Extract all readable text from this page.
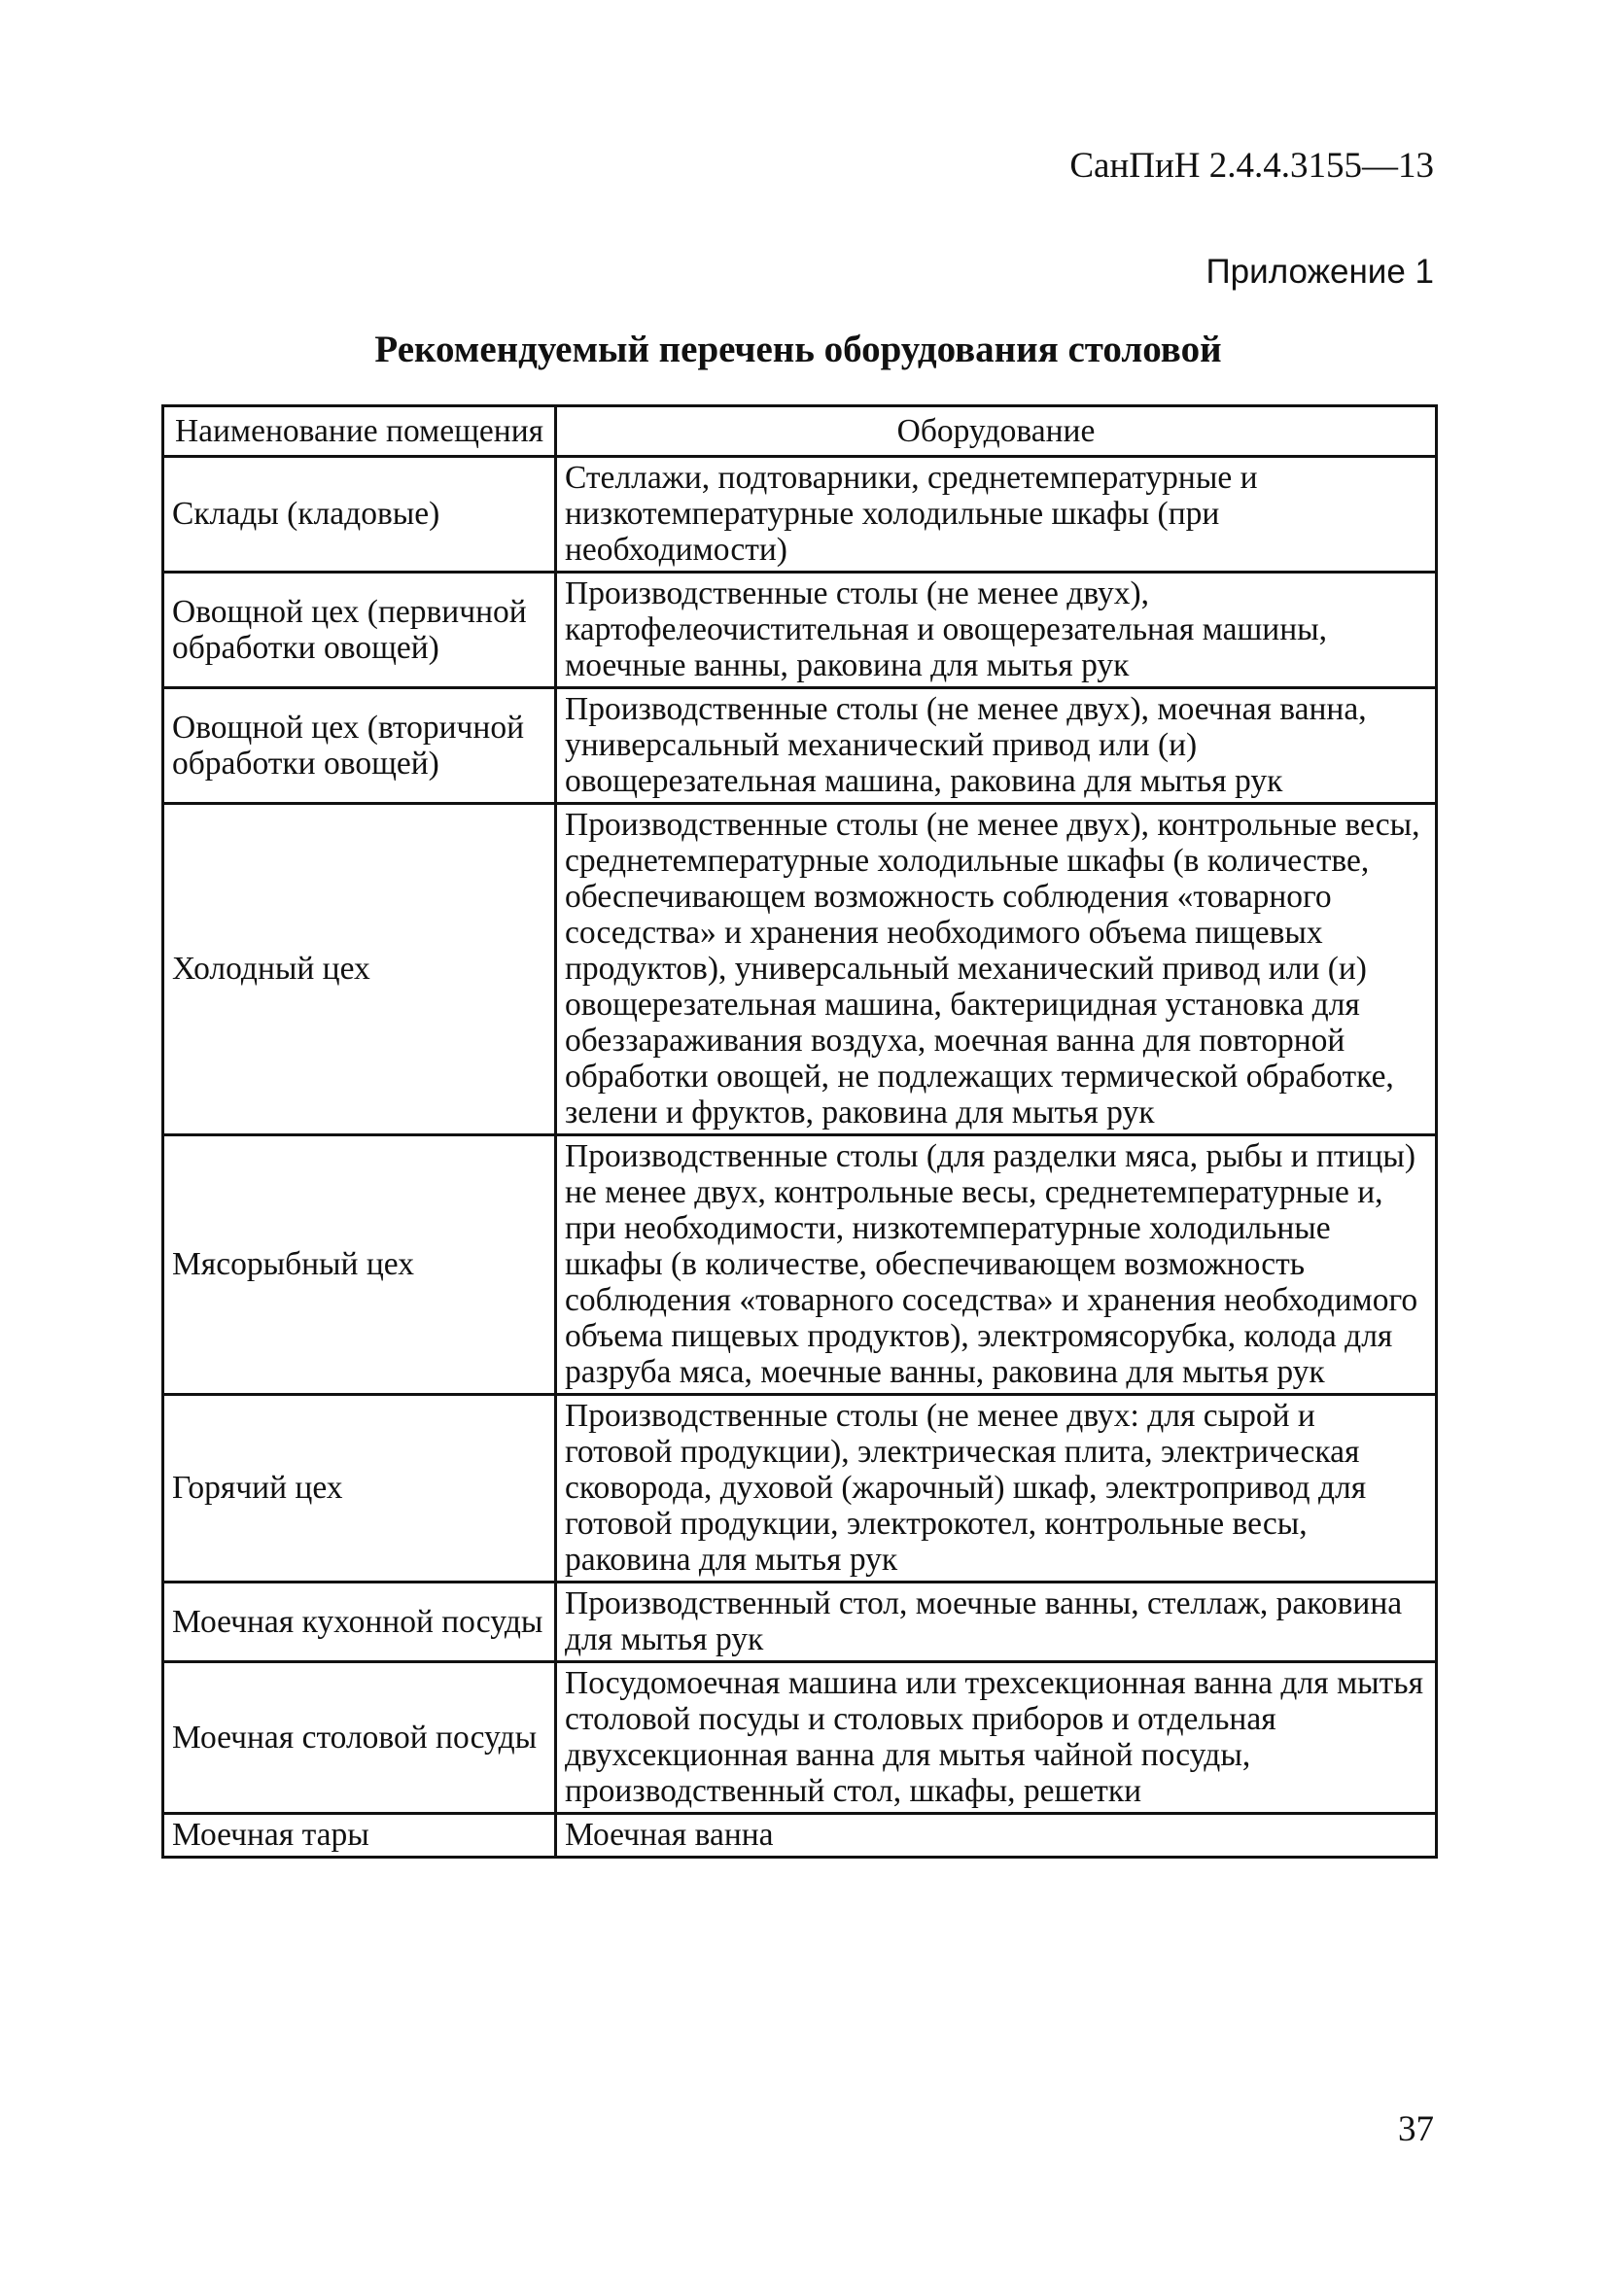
СанПиН 2.4.4.3155—13
Приложение 1
Рекомендуемый перечень оборудования столовой
Наименование помещения	Оборудование
Склады (кладовые)	Стеллажи, подтоварники, среднетемпературные и низкотемпературные холодильные шкафы (при необходимости)
Овощной цех (первичной обработки овощей)	Производственные столы (не менее двух), картофелеочистительная и овощерезательная машины, моечные ванны, раковина для мытья рук
Овощной цех (вторичной обработки овощей)	Производственные столы (не менее двух), моечная ванна, универсальный механический привод или (и) овощерезательная машина, раковина для мытья рук
Холодный цех	Производственные столы (не менее двух), контрольные весы, среднетемпературные холодильные шкафы (в количестве, обеспечивающем возможность соблюдения «товарного соседства» и хранения необходимого объема пищевых продуктов), универсальный механический привод или (и) овощерезательная машина, бактерицидная установка для обеззараживания воздуха, моечная ванна для повторной обработки овощей, не подлежащих термической обработке, зелени и фруктов, раковина для мытья рук
Мясорыбный цех	Производственные столы (для разделки мяса, рыбы и птицы) не менее двух, контрольные весы, среднетемпературные и, при необходимости, низкотемпературные холодильные шкафы (в количестве, обеспечивающем возможность соблюдения «товарного соседства» и хранения необходимого объема пищевых продуктов), электромясорубка, колода для разруба мяса, моечные ванны, раковина для мытья рук
Горячий цех	Производственные столы (не менее двух: для сырой и готовой продукции), электрическая плита, электрическая сковорода, духовой (жарочный) шкаф, электропривод для готовой продукции, электрокотел, контрольные весы, раковина для мытья рук
Моечная кухонной посуды	Производственный стол, моечные ванны, стеллаж, раковина для мытья рук
Моечная столовой посуды	Посудомоечная машина или трехсекционная ванна для мытья столовой посуды и столовых приборов и отдельная двухсекционная ванна для мытья чайной посуды, производственный стол, шкафы, решетки
Моечная тары	Моечная ванна
37
